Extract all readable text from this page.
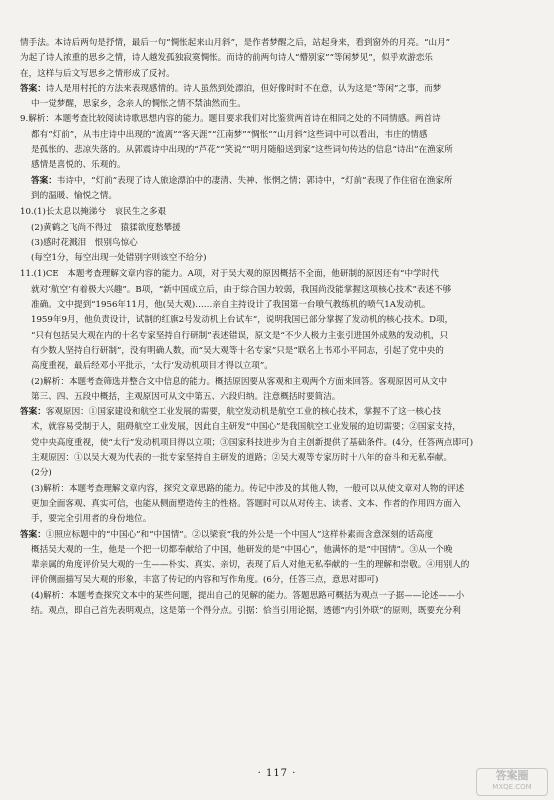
情手法。本诗后两句是抒情，最后一句“惆怅起来山月斜”，是作者梦醒之后，站起身来，看到窗外的月亮。“山月”

为起了诗人浓重的思乡之情，诗人越发孤独寂寞惆怅。而诗的前两句诗人“懵别家”“等闲梦见”，似乎欢游恋乐

在，这样与后文写思乡之情形成了反衬。

答案：诗人是用村托的方法来表现感情的。诗人虽然到处漂泊，但好像时时不在意，认为这是“等闲”之事，而梦

中一觉梦醒，思家乡，念亲人的惆怅之情不禁油然而生。

9.解析：本题考查比较阅读诗歌思想内容的能力。题目要求我们对比鉴赏两首诗在相同之处的不同情感。两首诗

都有“灯前”，从韦庄诗中出现的“流离”“客天涯”“江南梦”“惆怅”“山月斜”这些词中可以看出，韦庄的情感

是孤怅的、悲凉失落的。从郭震诗中出现的“芦花”“笑说”“明月随船送到家”这些词句传达的信息“诗出”在渔家所

感情是喜悦的、乐观的。

答案：韦诗中，“灯前”表现了诗人旅途漂泊中的凄清、失神、怅惘之情；郭诗中，“灯前”表现了作住宿在渔家所

到的温暖、愉悦之情。

10.(1)长太息以掩涕兮　哀民生之多艰

(2)黄鹤之飞尚不得过　猿猱欲度愁攀援

(3)感时花溅泪　恨别鸟惊心

(每空1分，每空出现一处错别字则该空不给分)

11.(1)CE　本题考查理解文章内容的能力。A项，对于吴大观的原因概括不全面，他研制的原因还有“中学时代

就对‘航空’有着极大兴趣”。B项，“新中国成立后，由于综合国力较弱，我国尚没能掌握这项核心技术”表述不够

准确。文中提到“1956年11月，他(吴大观)……亲自主持设计了我国第一台喷气教练机的喷气1A发动机。

1959年9月，他负责设计，试制的红旗2号发动机上台试车”，说明我国已部分掌握了发动机的核心技术。D项，

“只有包括吴大观在内的十名专家坚持自行研制”表述错误，原文是“不少人极力主张引进国外成熟的发动机，只

有少数人坚持自行研制”，没有明确人数，而“吴大观等十名专家”只是“联名上书邓小平同志，引起了党中央的

高度重视，最后经邓小平批示，‘太行’发动机项目才得以立项”。

(2)解析：本题考查筛选并整合文中信息的能力。概括原因要从客观和主观两个方面来回答。客观原因可从文中

第三、四、五段中概括，主观原因可从文中第五、六段归纳。注意概括时要简洁。

答案：客观原因：①国家建设和航空工业发展的需要，航空发动机是航空工业的核心技术，掌握不了这一核心技

术，就容易受制于人，阻碍航空工业发展，因此自主研发“中国心”是我国航空工业发展的迫切需要；②国家支持，

党中央高度重视，使“太行”发动机项目得以立项；③国家科技进步为自主创新提供了基础条件。(4分，任答两点即可)

主观原因：①以吴大观为代表的一批专家坚持自主研发的道路；②吴大观等专家历时十八年的奋斗和无私奉献。

(2分)

(3)解析：本题考查理解文章内容，探究文章思路的能力。传记中涉及的其他人物，一般可以从使文章对人物的评述

更加全面客观、真实可信，也能从侧面塑造传主的性格。答题时可以从对传主、读者、文本、作者的作用四方面入

手，要完全引用者的身份地位。

答案：①照应标题中的“中国心”和“中国情”。②以梁衮“我的外公是一个中国人”这样朴素而含意深刻的话高度

概括吴大观的一生，他是一个把一切都奉献给了中国，他研发的是“中国心”，他满怀的是“中国情”。③从一个晚

辈亲属的角度评价吴大观的一生——朴实、真实、亲切，表现了后人对他无私奉献的一生的理解和崇敬。④用别人的

评价侧面描写吴大观的形象，丰富了传记的内容和写作角度。(6分，任答三点，意思对即可)

(4)解析：本题考查探究文本中的某些问题，提出自己的见解的能力。答题思路可概括为观点一子据——论述——小

结。观点，即自己首先表明观点，这是第一个得分点。引据：恰当引用论据，透德“内引外联”的原则，既要充分利

· 117 ·	答案圈
MXQE.COM
